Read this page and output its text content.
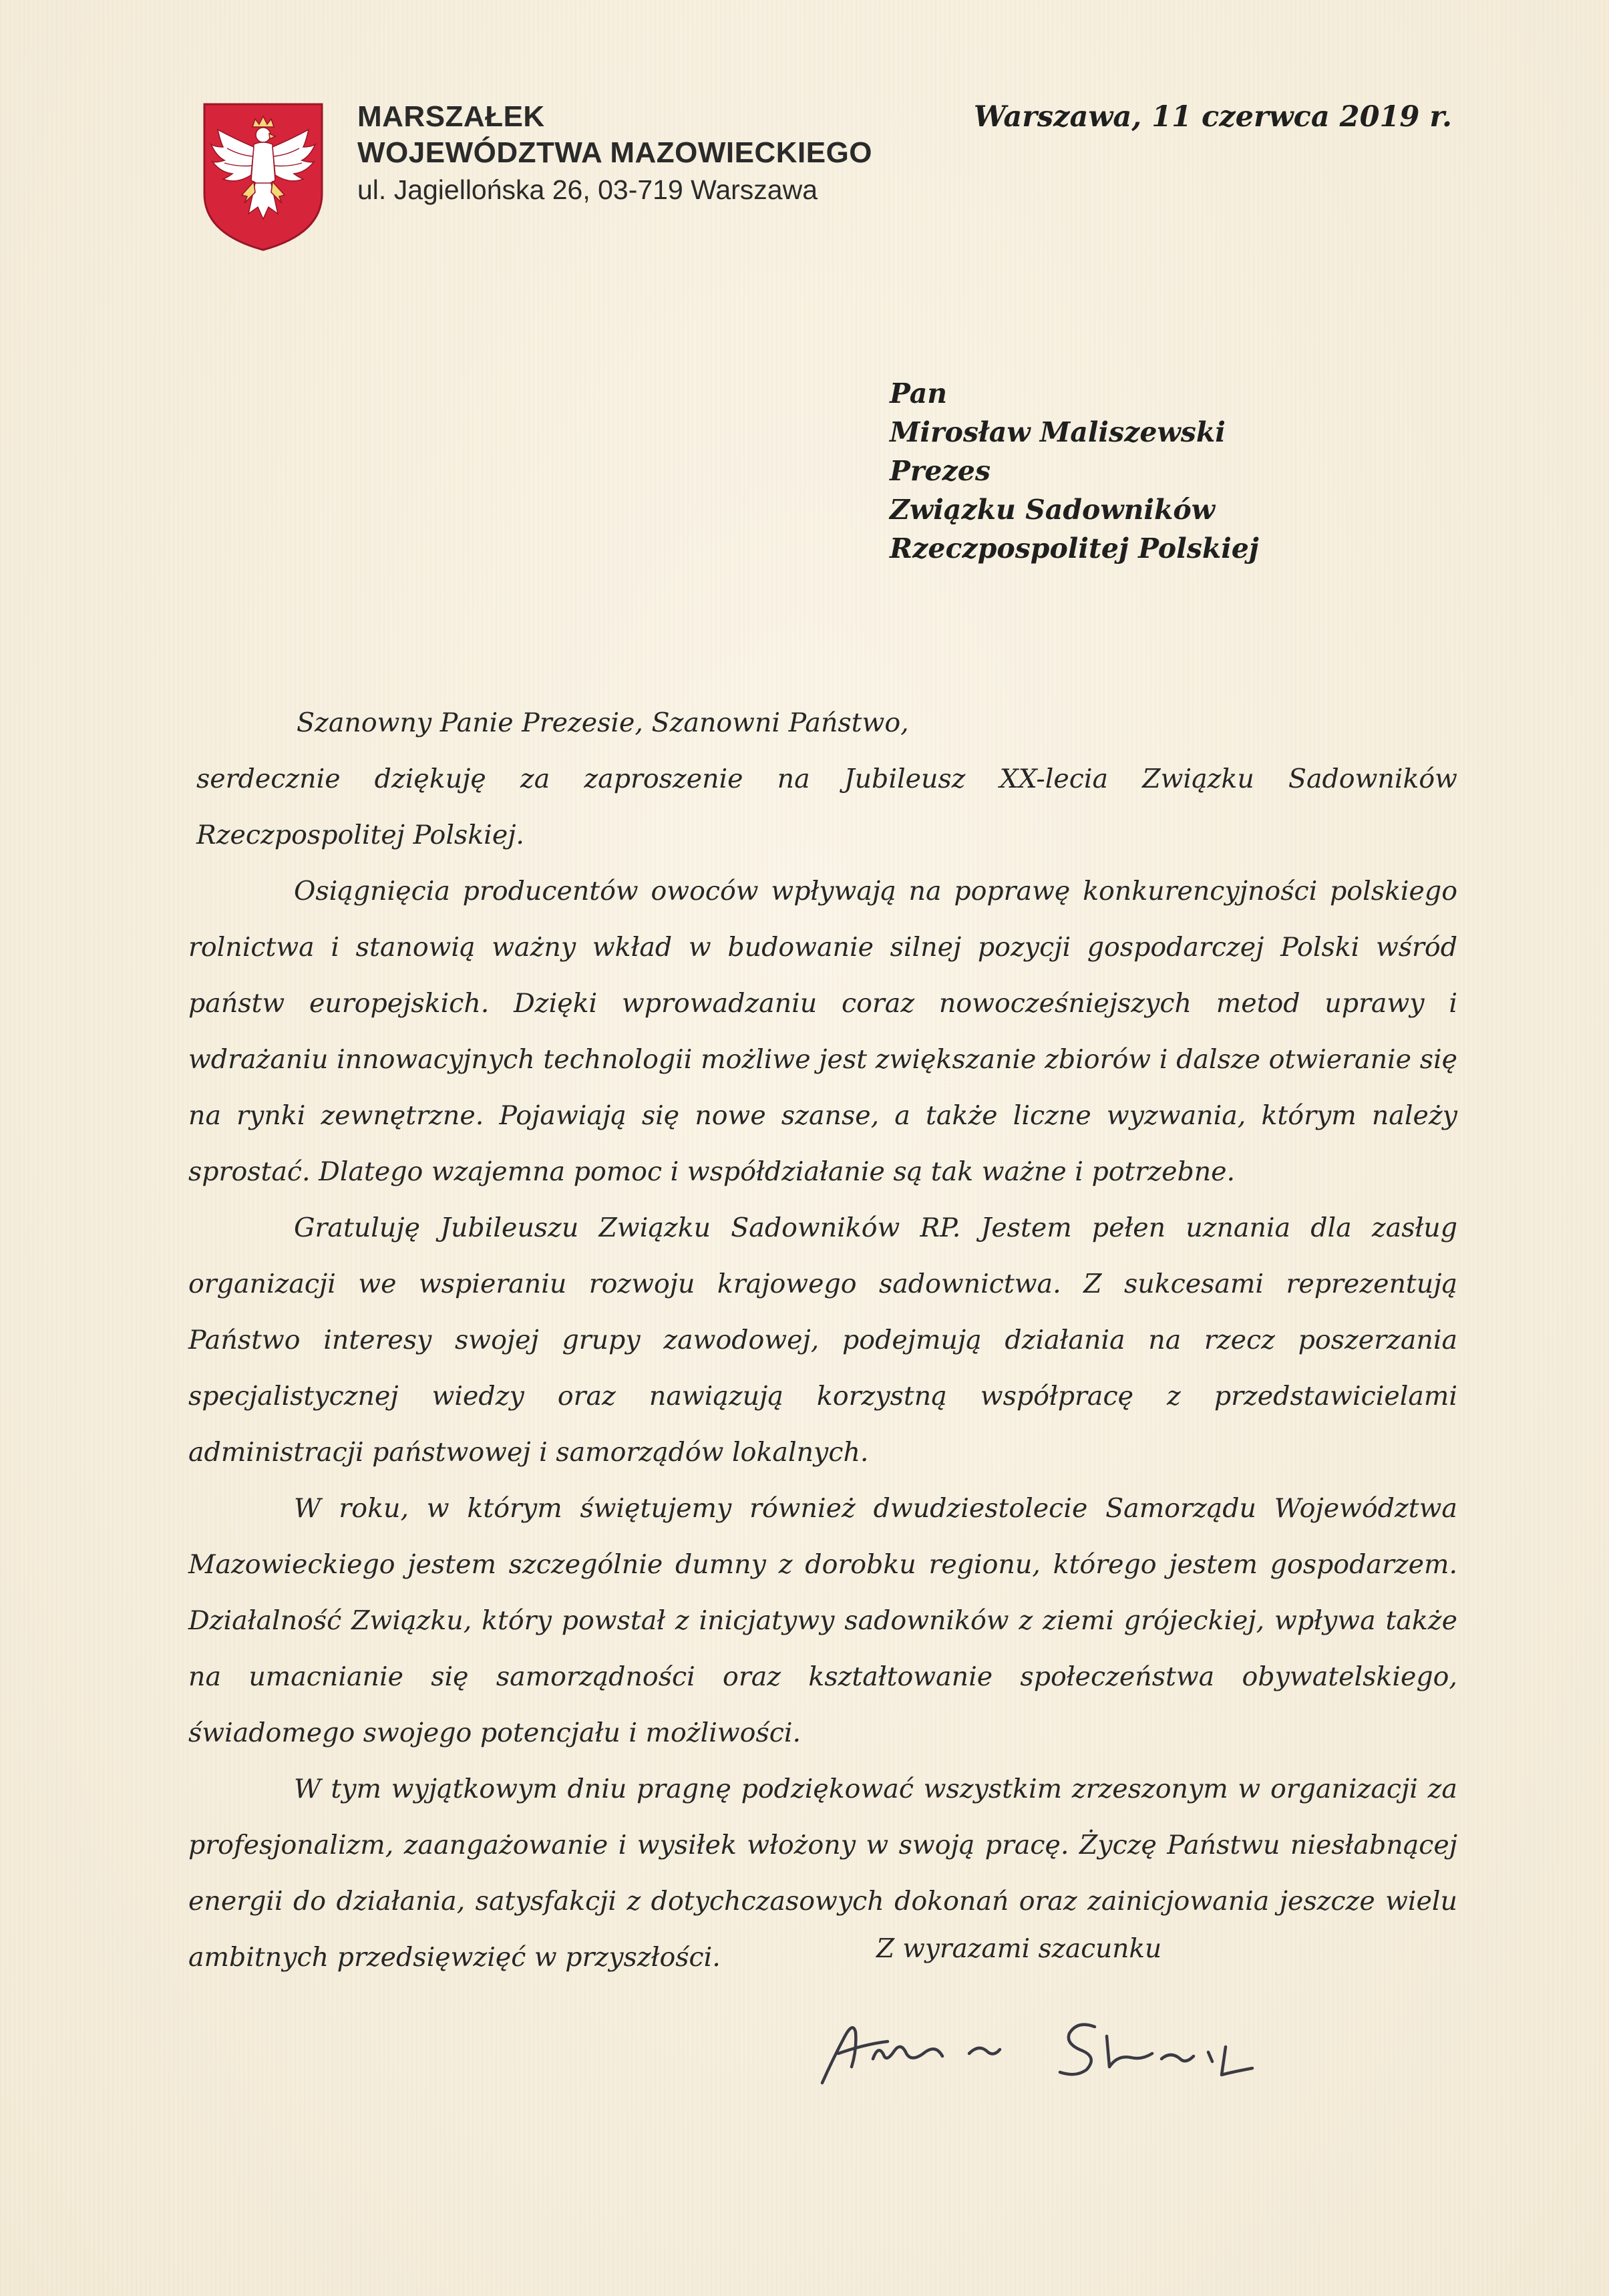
MARSZAŁEK
WOJEWÓDZTWA MAZOWIECKIEGO
ul. Jagiellońska 26, 03-719 Warszawa
Warszawa, 11 czerwca 2019 r.
Pan
Mirosław Maliszewski
Prezes
Związku Sadowników
Rzeczpospolitej Polskiej

Szanowny Panie Prezesie, Szanowni Państwo,

serdecznie dziękuję za zaproszenie na Jubileusz XX-lecia Związku Sadowników Rzeczpospolitej Polskiej.

Osiągnięcia producentów owoców wpływają na poprawę konkurencyjności polskiego rolnictwa i stanowią ważny wkład w budowanie silnej pozycji gospodarczej Polski wśród państw europejskich. Dzięki wprowadzaniu coraz nowocześniejszych metod uprawy i wdrażaniu innowacyjnych technologii możliwe jest zwiększanie zbiorów i dalsze otwieranie się na rynki zewnętrzne. Pojawiają się nowe szanse, a także liczne wyzwania, którym należy sprostać. Dlatego wzajemna pomoc i współdziałanie są tak ważne i potrzebne.

Gratuluję Jubileuszu Związku Sadowników RP. Jestem pełen uznania dla zasług organizacji we wspieraniu rozwoju krajowego sadownictwa. Z sukcesami reprezentują Państwo interesy swojej grupy zawodowej, podejmują działania na rzecz poszerzania specjalistycznej wiedzy oraz nawiązują korzystną współpracę z przedstawicielami administracji państwowej i samorządów lokalnych.

W roku, w którym świętujemy również dwudziestolecie Samorządu Województwa Mazowieckiego jestem szczególnie dumny z dorobku regionu, którego jestem gospodarzem. Działalność Związku, który powstał z inicjatywy sadowników z ziemi grójeckiej, wpływa także na umacnianie się samorządności oraz kształtowanie społeczeństwa obywatelskiego, świadomego swojego potencjału i możliwości.

W tym wyjątkowym dniu pragnę podziękować wszystkim zrzeszonym w organizacji za profesjonalizm, zaangażowanie i wysiłek włożony w swoją pracę. Życzę Państwu niesłabnącej energii do działania, satysfakcji z dotychczasowych dokonań oraz zainicjowania jeszcze wielu ambitnych przedsięwzięć w przyszłości.	Z wyrazami szacunku
